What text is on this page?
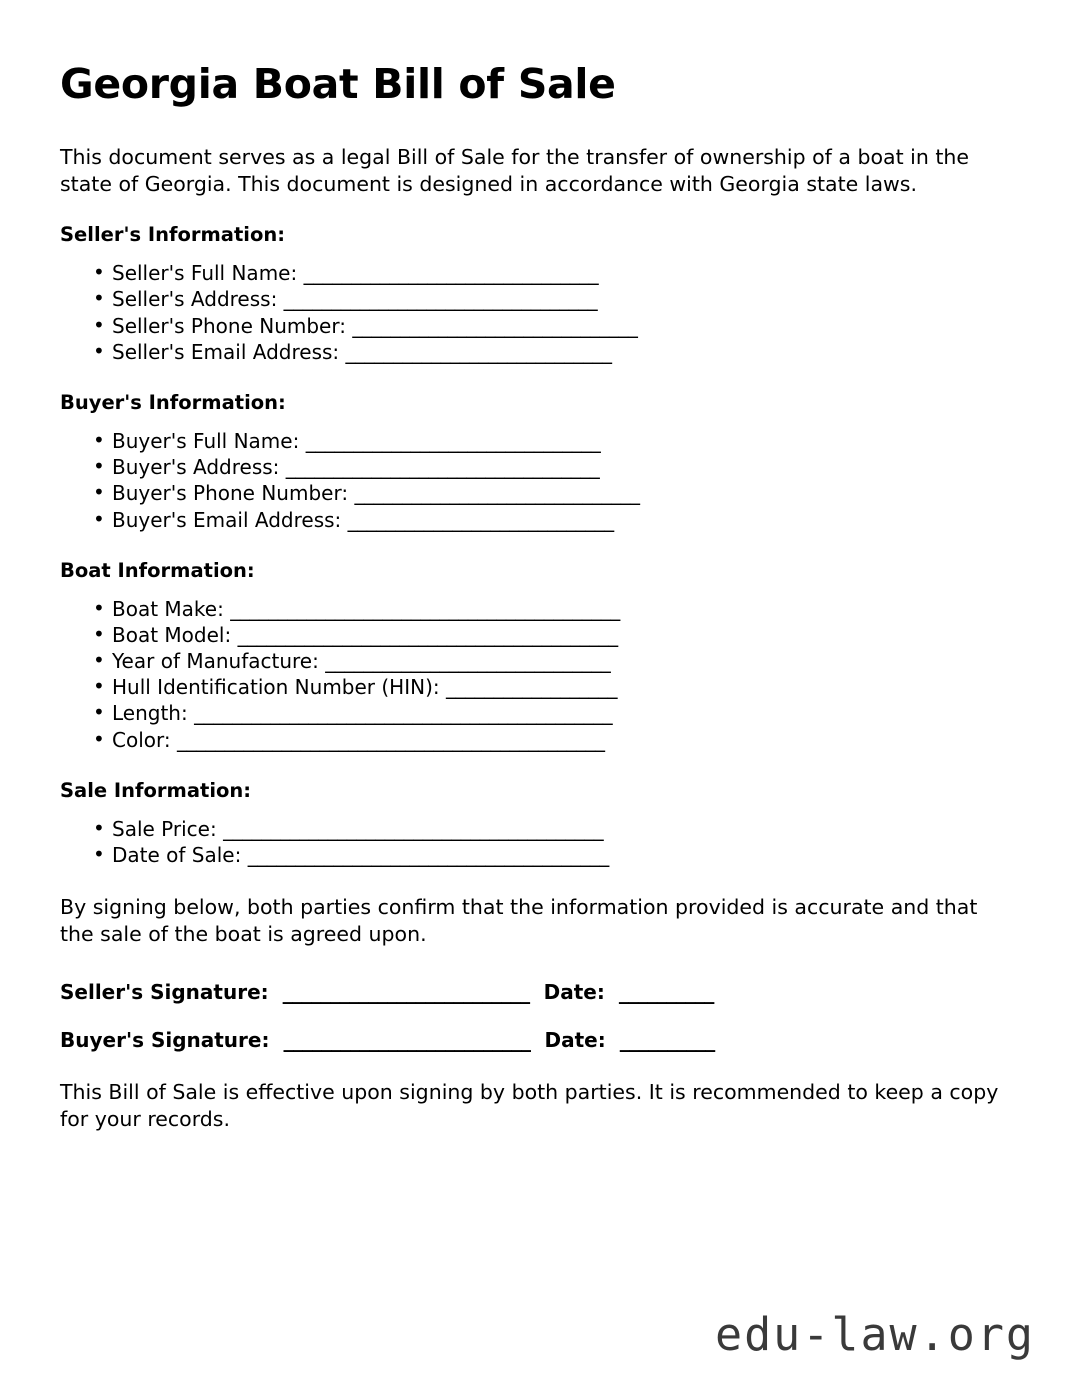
Georgia Boat Bill of Sale

This document serves as a legal Bill of Sale for the transfer of ownership of a boat in the state of Georgia. This document is designed in accordance with Georgia state laws.

Seller's Information:
• Seller's Full Name: _______________________________
• Seller's Address: _________________________________
• Seller's Phone Number: ______________________________
• Seller's Email Address: ____________________________
Buyer's Information:
• Buyer's Full Name: _______________________________
• Buyer's Address: _________________________________
• Buyer's Phone Number: ______________________________
• Buyer's Email Address: ____________________________
Boat Information:
• Boat Make: _________________________________________
• Boat Model: ________________________________________
• Year of Manufacture: ______________________________
• Hull Identification Number (HIN): __________________
• Length: ____________________________________________
• Color: _____________________________________________
Sale Information:
• Sale Price: ________________________________________
• Date of Sale: ______________________________________

By signing below, both parties confirm that the information provided is accurate and that the sale of the boat is agreed upon.

Seller's Signature: __________________________ Date: __________
Buyer's Signature: __________________________ Date: __________

This Bill of Sale is effective upon signing by both parties. It is recommended to keep a copy for your records.

edu-law.org
